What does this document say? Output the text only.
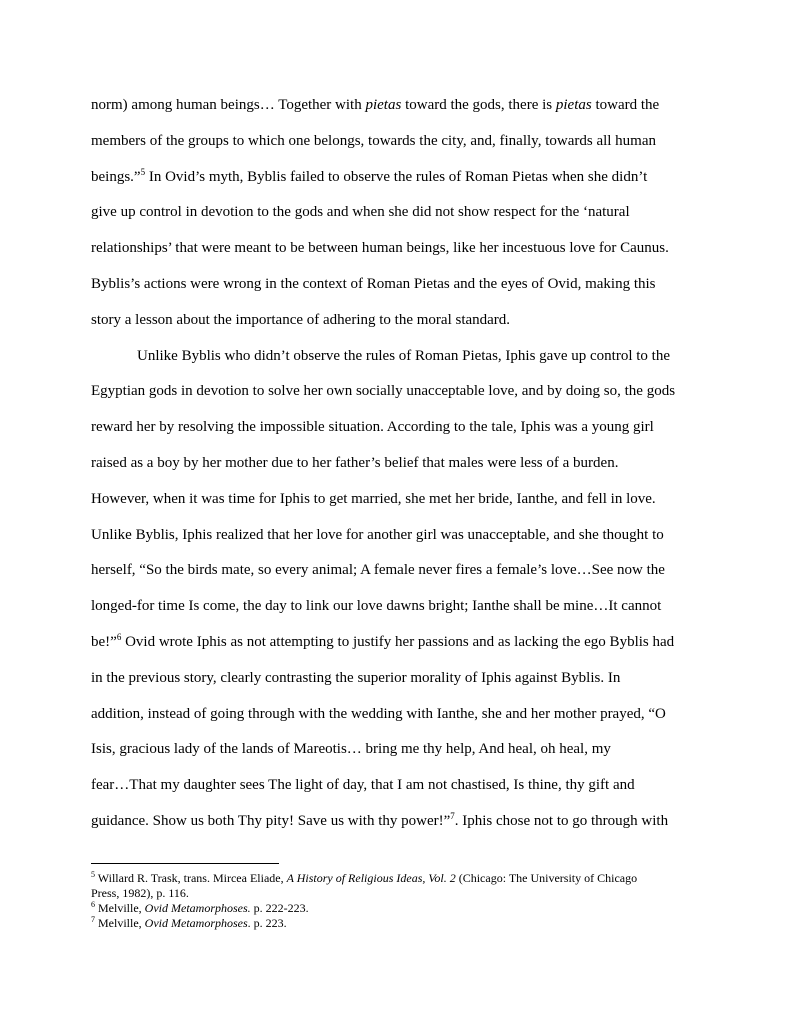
norm) among human beings… Together with pietas toward the gods, there is pietas toward the
members of the groups to which one belongs, towards the city, and, finally, towards all human
beings.”$^5$ In Ovid’s myth, Byblis failed to observe the rules of Roman Pietas when she didn’t
give up control in devotion to the gods and when she did not show respect for the ‘natural
relationships’ that were meant to be between human beings, like her incestuous love for Caunus.
Byblis’s actions were wrong in the context of Roman Pietas and the eyes of Ovid, making this
story a lesson about the importance of adhering to the moral standard.
Unlike Byblis who didn’t observe the rules of Roman Pietas, Iphis gave up control to the
Egyptian gods in devotion to solve her own socially unacceptable love, and by doing so, the gods
reward her by resolving the impossible situation. According to the tale, Iphis was a young girl
raised as a boy by her mother due to her father’s belief that males were less of a burden.
However, when it was time for Iphis to get married, she met her bride, Ianthe, and fell in love.
Unlike Byblis, Iphis realized that her love for another girl was unacceptable, and she thought to
herself, “So the birds mate, so every animal; A female never fires a female’s love…See now the
longed-for time Is come, the day to link our love dawns bright; Ianthe shall be mine…It cannot
be!”$^6$ Ovid wrote Iphis as not attempting to justify her passions and as lacking the ego Byblis had
in the previous story, clearly contrasting the superior morality of Iphis against Byblis. In
addition, instead of going through with the wedding with Ianthe, she and her mother prayed, “O
Isis, gracious lady of the lands of Mareotis… bring me thy help, And heal, oh heal, my
fear…That my daughter sees The light of day, that I am not chastised, Is thine, thy gift and
guidance. Show us both Thy pity! Save us with thy power!”$^7$. Iphis chose not to go through with
$^5$ Willard R. Trask, trans. Mircea Eliade, A History of Religious Ideas, Vol. 2 (Chicago: The University of Chicago
Press, 1982), p. 116.
$^6$ Melville, Ovid Metamorphoses. p. 222-223.
$^7$ Melville, Ovid Metamorphoses. p. 223.
